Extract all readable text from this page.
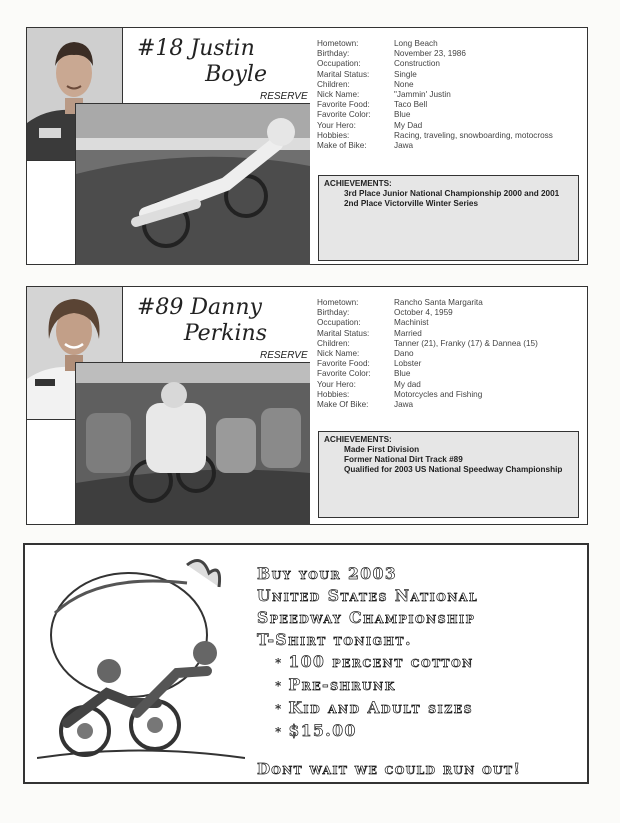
#18 Justin
Boyle
RESERVE
Hometown:	Long Beach
Birthday:	November 23, 1986
Occupation:	Construction
Marital Status:	Single
Children:	None
Nick Name:	"Jammin' Justin
Favorite Food:	Taco Bell
Favorite Color:	Blue
Your Hero:	My Dad
Hobbies:	Racing, traveling, snowboarding, motocross
Make of Bike:	Jawa
ACHIEVEMENTS:
3rd Place Junior National Championship 2000 and 2001
2nd Place Victorville Winter Series
#89 Danny
Perkins
RESERVE
Hometown:	Rancho Santa Margarita
Birthday:	October 4, 1959
Occupation:	Machinist
Marital Status:	Married
Children:	Tanner (21), Franky (17) & Dannea (15)
Nick Name:	Dano
Favorite Food:	Lobster
Favorite Color:	Blue
Your Hero:	My dad
Hobbies:	Motorcycles and Fishing
Make Of Bike:	Jawa
ACHIEVEMENTS:
Made First Division
Former National Dirt Track #89
Qualified for 2003 US National Speedway Championship
Buy your 2003
United States National
Speedway Championship
T-Shirt tonight.
* 100 percent cotton
* Pre-shrunk
* Kid and Adult sizes
* $15.00
Dont wait we could run out!
